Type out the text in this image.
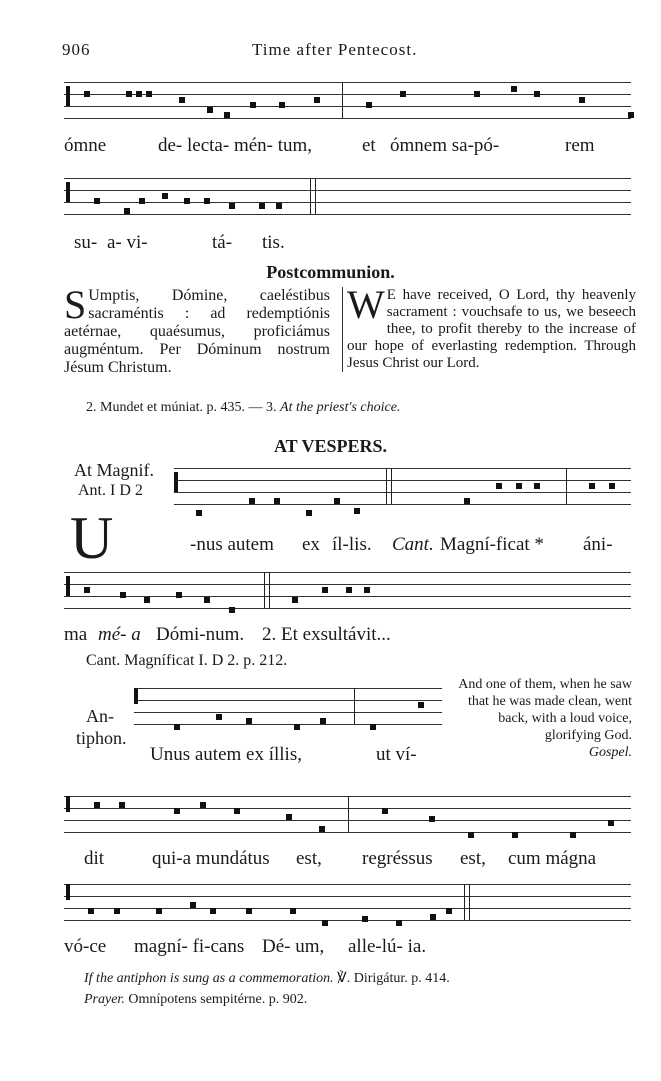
906	Time after Pentecost.
ómne	de- lecta- mén- tum,	et ómnem sa-pó-	rem
su- a- vi-	tá- tis.
Postcommunion.
S Umptis, Dómine, caeléstibus sacraméntis : ad redemptiónis aetérnae, quaésumus, proficiámus augméntum. Per Dóminum nostrum Jésum Christum.
W E have received, O Lord, thy heavenly sacrament : vouchsafe to us, we beseech thee, to profit thereby to the increase of our hope of everlasting redemption. Through Jesus Christ our Lord.
2. Mundet et múniat. p. 435. — 3. At the priest's choice.
AT VESPERS.
At Magnif.
Ant. I D 2
U	-nus autem ex íl-lis. Cant. Magní-ficat * áni-
ma mé- a Dómi-num. 2. Et exsultávit...
Cant. Magníficat I. D 2. p. 212.
An-
tiphon.
Unus autem ex íllis,	ut ví-
And one of them, when he saw that he was made clean, went back, with a loud voice, glorifying God.
Gospel.
dit	qui-a mundátus est, regréssus est, cum mágna
vó-ce magní- fi-cans Dé- um, alle-lú- ia.
If the antiphon is sung as a commemoration. ℣. Dirigátur. p. 414.
Prayer. Omnípotens sempitérne. p. 902.
